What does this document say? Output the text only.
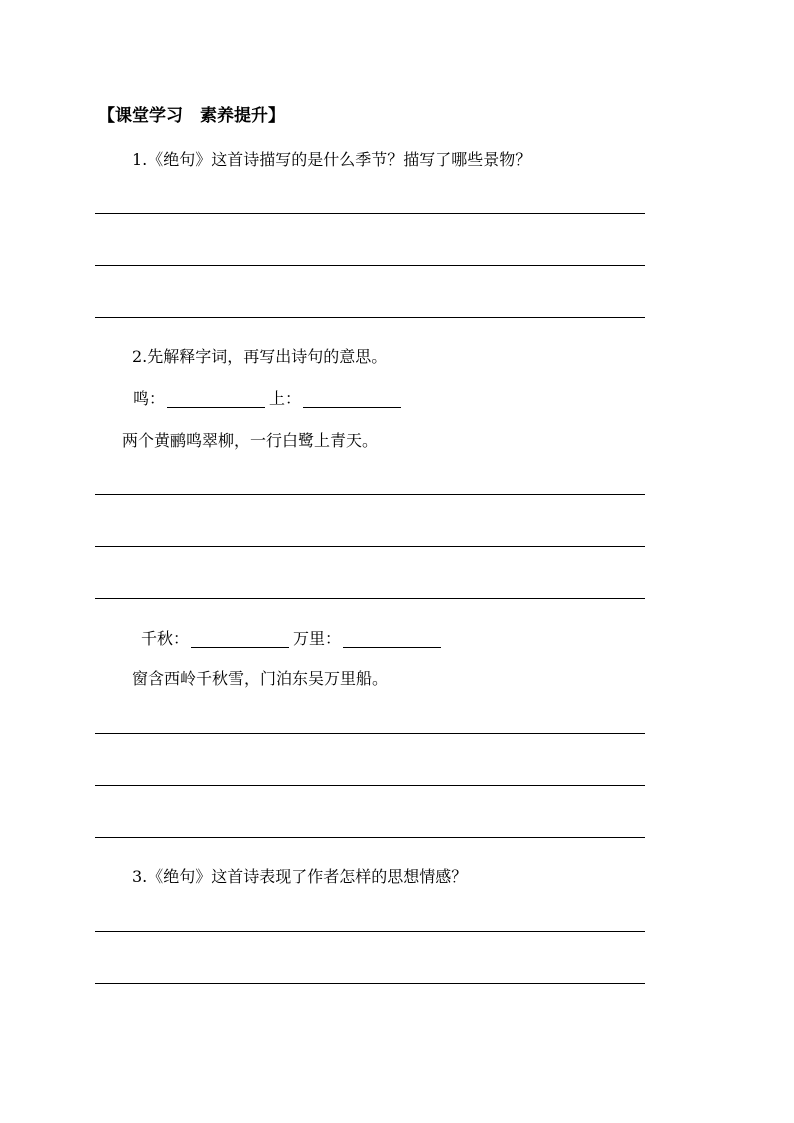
【课堂学习　素养提升】
1.《绝句》这首诗描写的是什么季节？描写了哪些景物？
2.先解释字词，再写出诗句的意思。
鸣：	上：
两个黄鹂鸣翠柳，一行白鹭上青天。
千秋：	万里：
窗含西岭千秋雪，门泊东吴万里船。
3.《绝句》这首诗表现了作者怎样的思想情感？
